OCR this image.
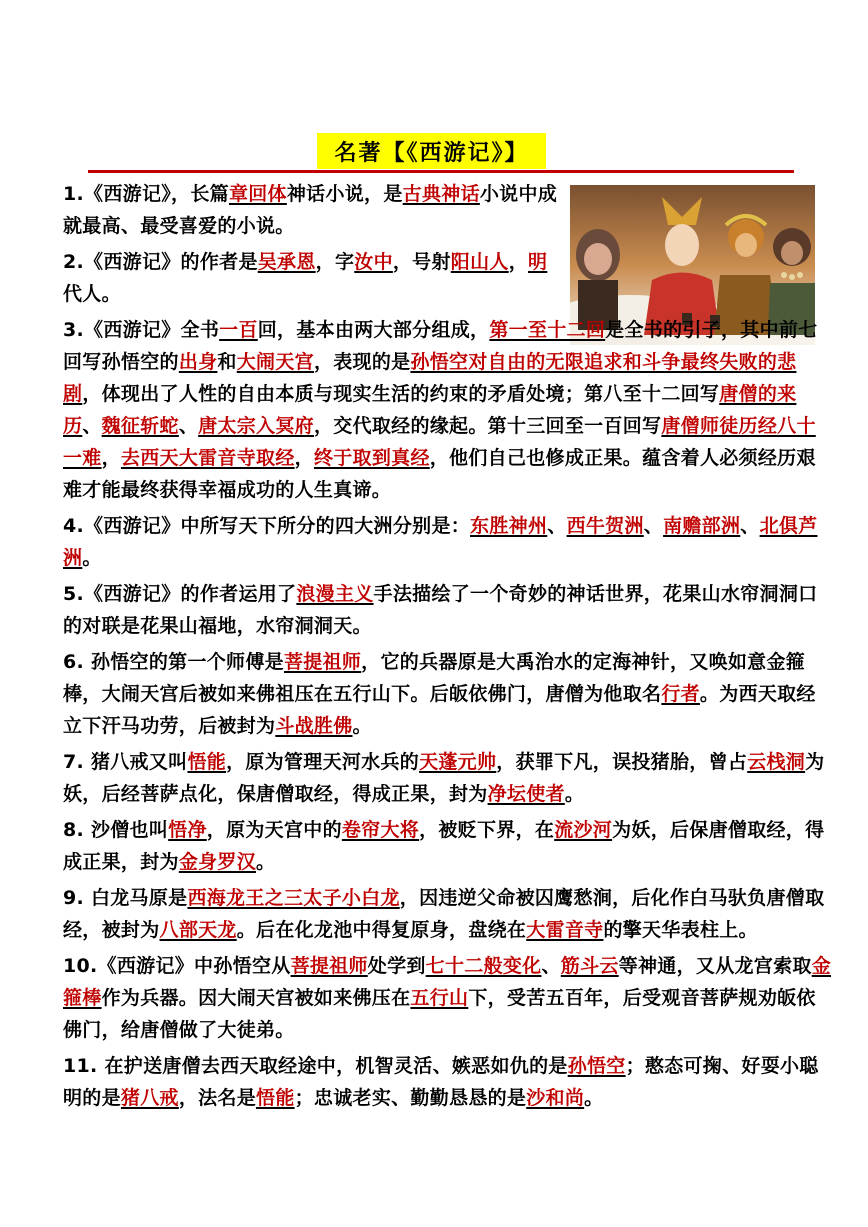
名著【《西游记》】

1.《西游记》，长篇章回体神话小说，是古典神话小说中成就最高、最受喜爱的小说。

2.《西游记》的作者是吴承恩，字汝中，号射阳山人，明代人。

3.《西游记》全书一百回，基本由两大部分组成，第一至十二回是全书的引子，其中前七回写孙悟空的出身和大闹天宫，表现的是孙悟空对自由的无限追求和斗争最终失败的悲剧，体现出了人性的自由本质与现实生活的约束的矛盾处境；第八至十二回写唐僧的来历、魏征斩蛇、唐太宗入冥府，交代取经的缘起。第十三回至一百回写唐僧师徒历经八十一难，去西天大雷音寺取经，终于取到真经，他们自己也修成正果。蕴含着人必须经历艰难才能最终获得幸福成功的人生真谛。

4.《西游记》中所写天下所分的四大洲分别是：东胜神州、西牛贺洲、南赡部洲、北俱芦洲。

5.《西游记》的作者运用了浪漫主义手法描绘了一个奇妙的神话世界，花果山水帘洞洞口的对联是花果山福地，水帘洞洞天。

6. 孙悟空的第一个师傅是菩提祖师，它的兵器原是大禹治水的定海神针，又唤如意金箍棒，大闹天宫后被如来佛祖压在五行山下。后皈依佛门，唐僧为他取名行者。为西天取经立下汗马功劳，后被封为斗战胜佛。

7. 猪八戒又叫悟能，原为管理天河水兵的天蓬元帅，获罪下凡，误投猪胎，曾占云栈洞为妖，后经菩萨点化，保唐僧取经，得成正果，封为净坛使者。

8. 沙僧也叫悟净，原为天宫中的卷帘大将，被贬下界，在流沙河为妖，后保唐僧取经，得成正果，封为金身罗汉。

9. 白龙马原是西海龙王之三太子小白龙，因违逆父命被囚鹰愁涧，后化作白马驮负唐僧取经，被封为八部天龙。后在化龙池中得复原身，盘绕在大雷音寺的擎天华表柱上。

10.《西游记》中孙悟空从菩提祖师处学到七十二般变化、筋斗云等神通，又从龙宫索取金箍棒作为兵器。因大闹天宫被如来佛压在五行山下，受苦五百年，后受观音菩萨规劝皈依佛门，给唐僧做了大徒弟。

11. 在护送唐僧去西天取经途中，机智灵活、嫉恶如仇的是孙悟空；憨态可掬、好耍小聪明的是猪八戒，法名是悟能；忠诚老实、勤勤恳恳的是沙和尚。
